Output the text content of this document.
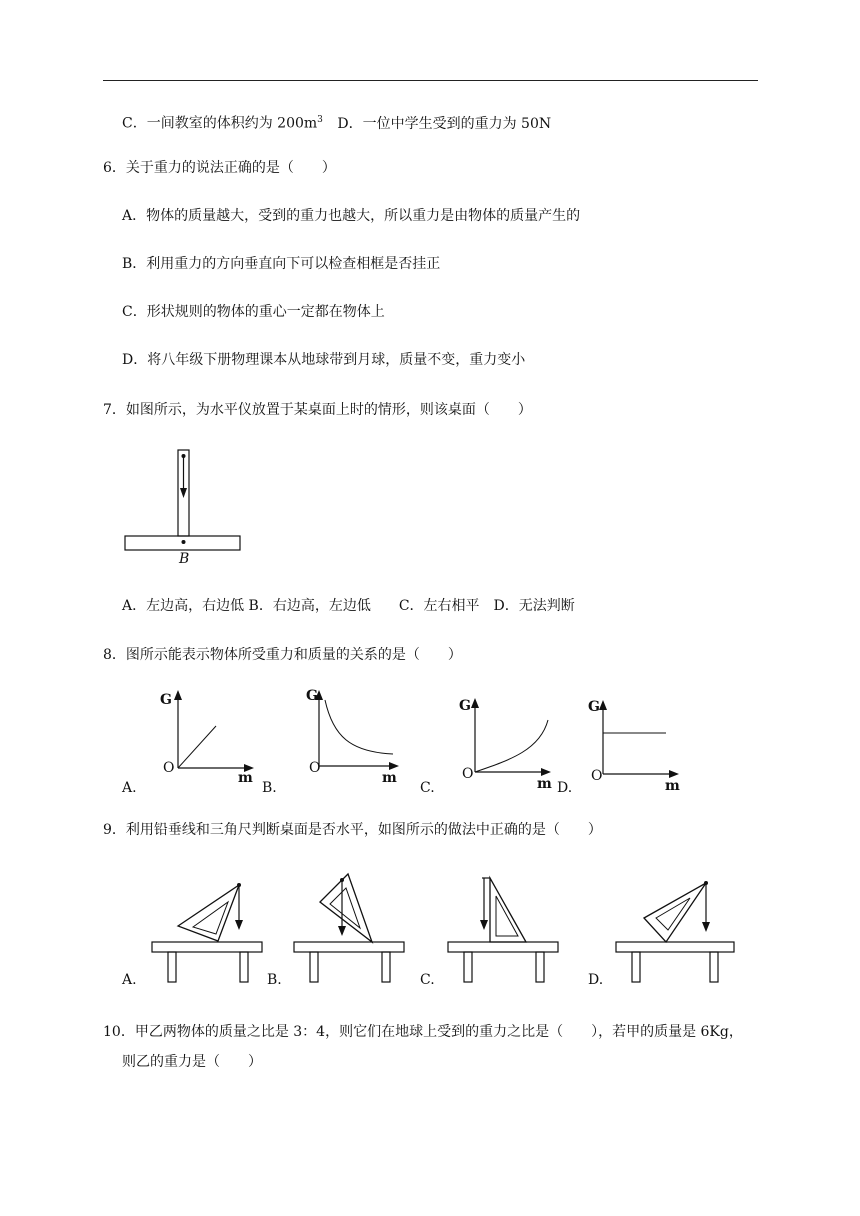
C．一间教室的体积约为 $200m^3$ D．一位中学生受到的重力为 50N
6．关于重力的说法正确的是（　　）
A．物体的质量越大，受到的重力也越大，所以重力是由物体的质量产生的
B．利用重力的方向垂直向下可以检查相框是否挂正
C．形状规则的物体的重心一定都在物体上
D．将八年级下册物理课本从地球带到月球，质量不变，重力变小
7．如图所示，为水平仪放置于某桌面上时的情形，则该桌面（　　）
B
A．左边高，右边低 B．右边高，左边低　　C．左右相平　D．无法判断
8．图所示能表示物体所受重力和质量的关系的是（　　）
G
O
m
A.
G
O
m
B.
G
O
m
C.
G
O
m
D.
9．利用铅垂线和三角尺判断桌面是否水平，如图所示的做法中正确的是（　　）
A.	B.	C.	D.
10．甲乙两物体的质量之比是 3：4，则它们在地球上受到的重力之比是（　　），若甲的质量是 6Kg，
则乙的重力是（　　）
